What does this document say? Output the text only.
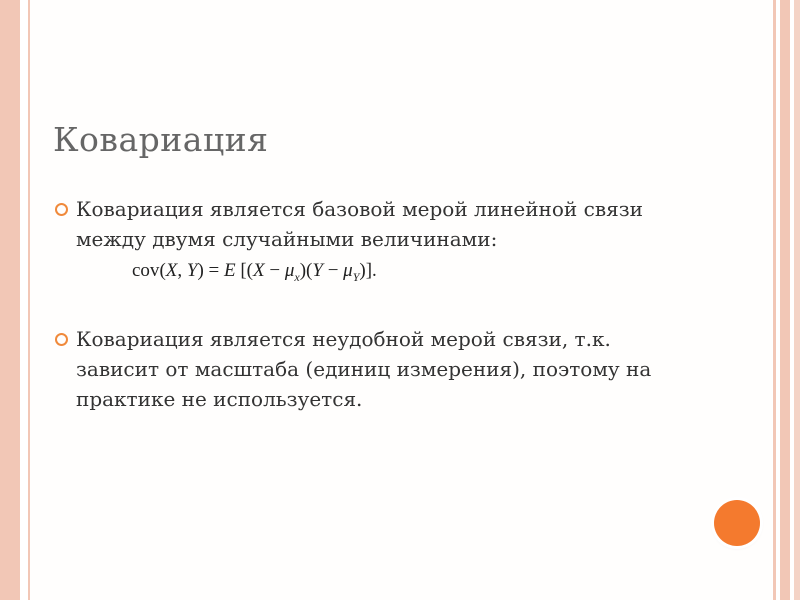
Ковариация
Ковариация является базовой мерой линейной связи между двумя случайными величинами:
cov(X, Y) = E $[(X - \mu_x)(Y - \mu_Y)]$.
Ковариация является неудобной мерой связи, т.к. зависит от масштаба (единиц измерения), поэтому на практике не используется.
